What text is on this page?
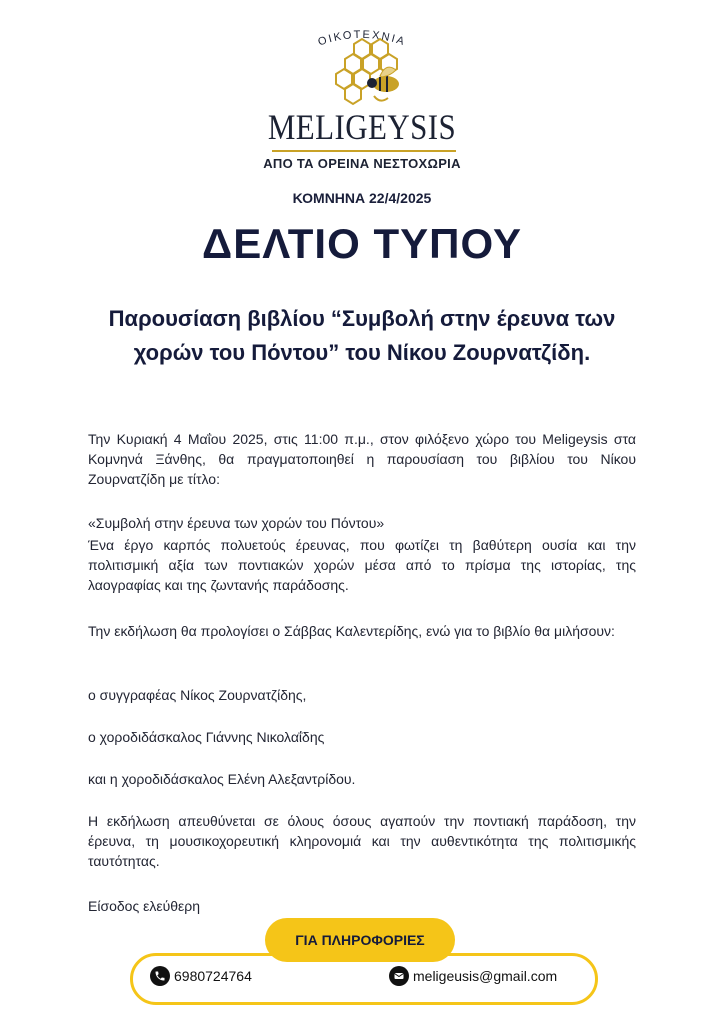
ΟΙΚΟΤΕΧΝΙΑ
MELIGEYSIS
ΑΠΟ ΤΑ ΟΡΕΙΝΑ ΝΕΣΤΟΧΩΡΙΑ
ΚΟΜΝΗΝΑ 22/4/2025
ΔΕΛΤΙΟ ΤΥΠΟΥ
Παρουσίαση βιβλίου “Συμβολή στην έρευνα των
χορών του Πόντου” του Νίκου Ζουρνατζίδη.
Την Κυριακή 4 Μαΐου 2025, στις 11:00 π.μ., στον φιλόξενο χώρο του Meligeysis στα Κομνηνά Ξάνθης, θα πραγματοποιηθεί η παρουσίαση του βιβλίου του Νίκου Ζουρνατζίδη με τίτλο:
«Συμβολή στην έρευνα των χορών του Πόντου»
Ένα έργο καρπός πολυετούς έρευνας, που φωτίζει τη βαθύτερη ουσία και την πολιτισμική αξία των ποντιακών χορών μέσα από το πρίσμα της ιστορίας, της λαογραφίας και της ζωντανής παράδοσης.
Την εκδήλωση θα προλογίσει ο Σάββας Καλεντερίδης, ενώ για το βιβλίο θα μιλήσουν:
ο συγγραφέας Νίκος Ζουρνατζίδης,
ο χοροδιδάσκαλος Γιάννης Νικολαΐδης
και η χοροδιδάσκαλος Ελένη Αλεξαντρίδου.
Η εκδήλωση απευθύνεται σε όλους όσους αγαπούν την ποντιακή παράδοση, την έρευνα, τη μουσικοχορευτική κληρονομιά και την αυθεντικότητα της πολιτισμικής ταυτότητας.
Είσοδος ελεύθερη
ΓΙΑ ΠΛΗΡΟΦΟΡΙΕΣ
6980724764	meligeusis@gmail.com
